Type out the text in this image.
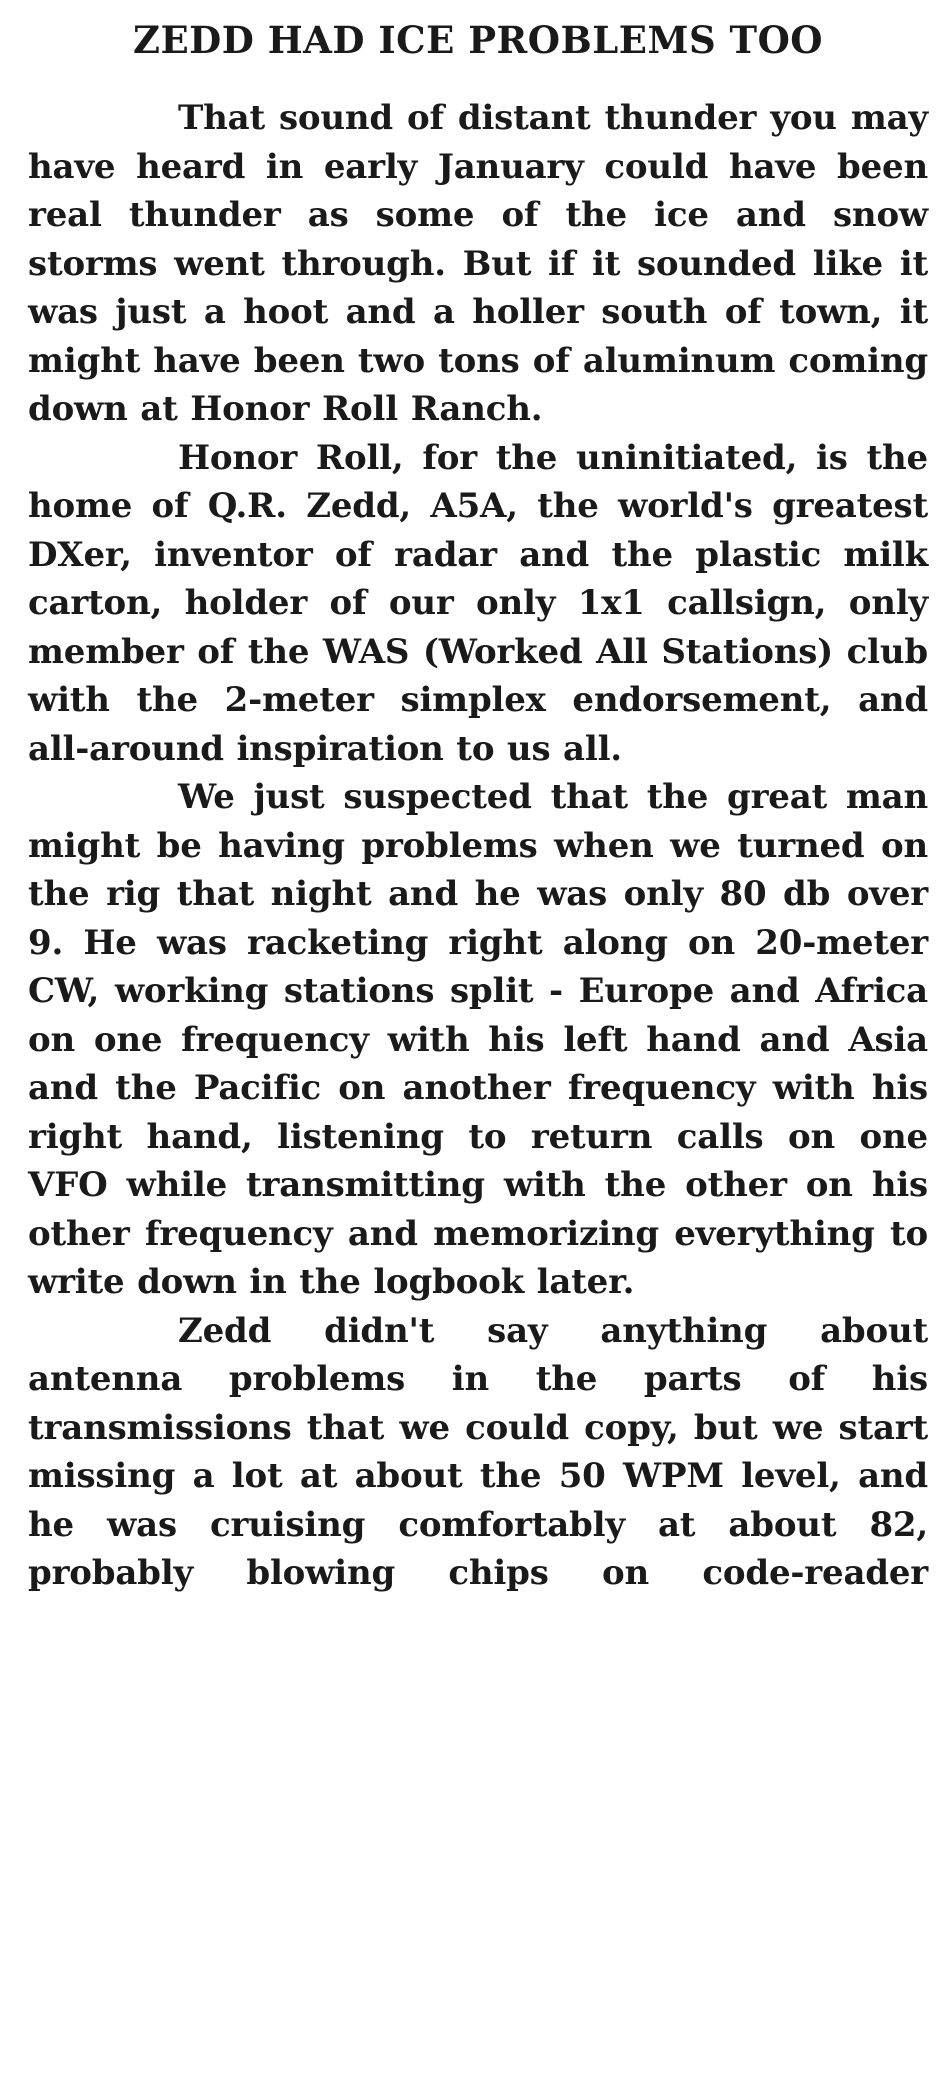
ZEDD HAD ICE PROBLEMS TOO

That sound of distant thunder you may have heard in early January could have been real thunder as some of the ice and snow storms went through. But if it sounded like it was just a hoot and a holler south of town, it might have been two tons of aluminum coming down at Honor Roll Ranch.

Honor Roll, for the uninitiated, is the home of Q.R. Zedd, A5A, the world's greatest DXer, inventor of radar and the plastic milk carton, holder of our only 1x1 callsign, only member of the WAS (Worked All Stations) club with the 2-meter simplex endorsement, and all-around inspiration to us all.

We just suspected that the great man might be having problems when we turned on the rig that night and he was only 80 db over 9. He was racketing right along on 20-meter CW, working stations split - Europe and Africa on one frequency with his left hand and Asia and the Pacific on another frequency with his right hand, listening to return calls on one VFO while transmitting with the other on his other frequency and memorizing everything to write down in the logbook later.

Zedd didn't say anything about antenna problems in the parts of his transmissions that we could copy, but we start missing a lot at about the 50 WPM level, and he was cruising comfortably at about 82, probably blowing chips on code-reader
